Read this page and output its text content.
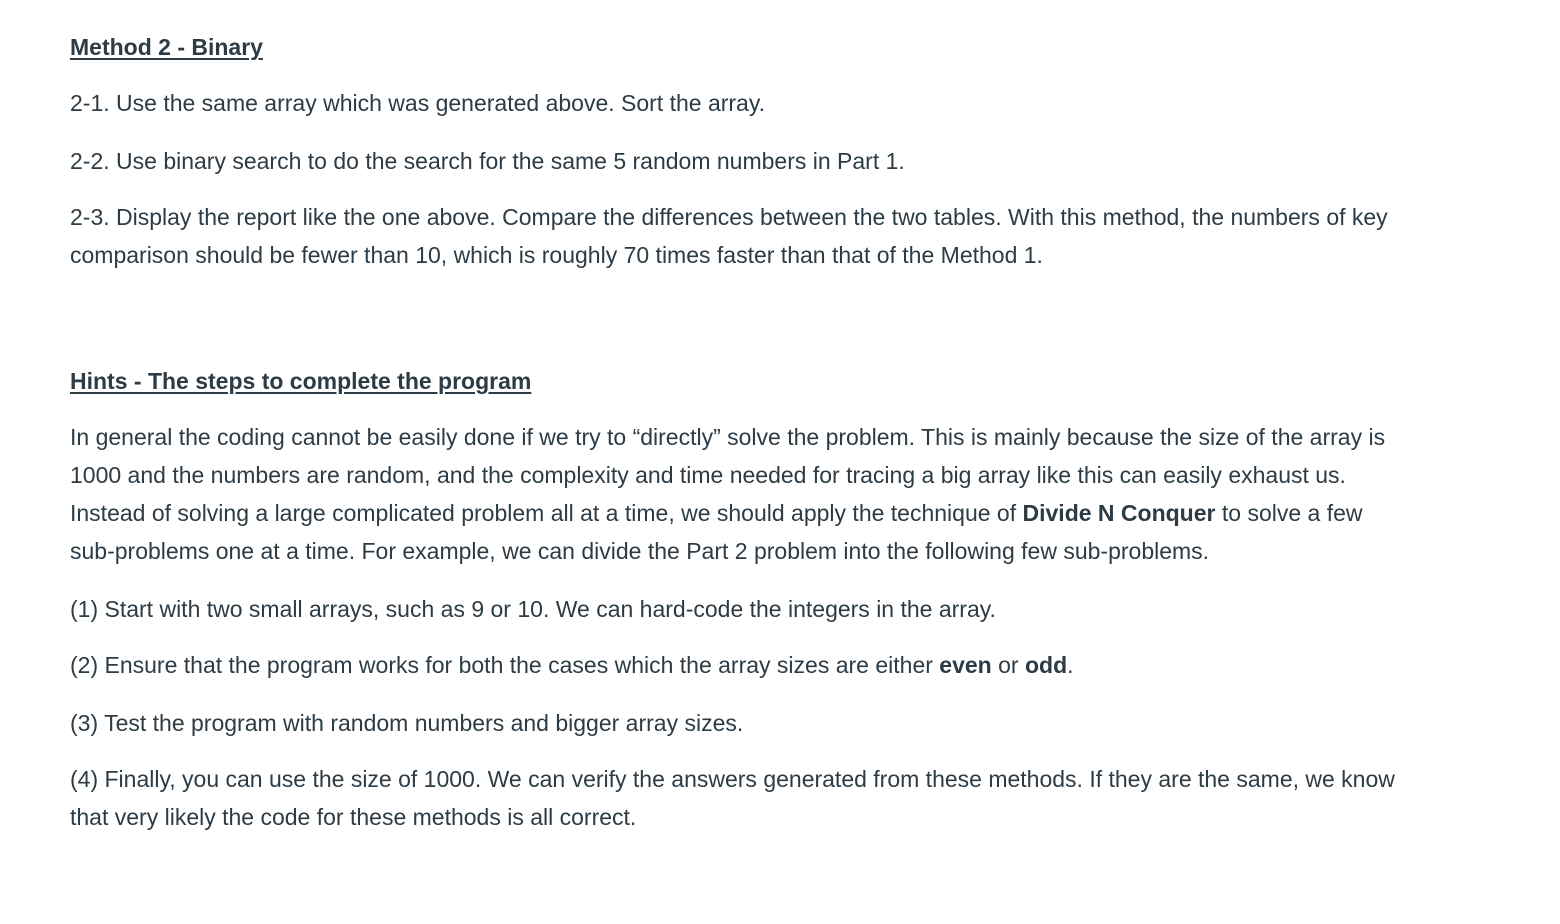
Method 2 - Binary

2-1. Use the same array which was generated above. Sort the array.

2-2. Use binary search to do the search for the same 5 random numbers in Part 1.

2-3. Display the report like the one above. Compare the differences between the two tables. With this method, the numbers of key comparison should be fewer than 10, which is roughly 70 times faster than that of the Method 1.

Hints - The steps to complete the program

In general the coding cannot be easily done if we try to “directly” solve the problem. This is mainly because the size of the array is 1000 and the numbers are random, and the complexity and time needed for tracing a big array like this can easily exhaust us. Instead of solving a large complicated problem all at a time, we should apply the technique of Divide N Conquer to solve a few sub-problems one at a time. For example, we can divide the Part 2 problem into the following few sub-problems.

(1) Start with two small arrays, such as 9 or 10. We can hard-code the integers in the array.

(2) Ensure that the program works for both the cases which the array sizes are either even or odd.

(3) Test the program with random numbers and bigger array sizes.

(4) Finally, you can use the size of 1000. We can verify the answers generated from these methods. If they are the same, we know that very likely the code for these methods is all correct.
